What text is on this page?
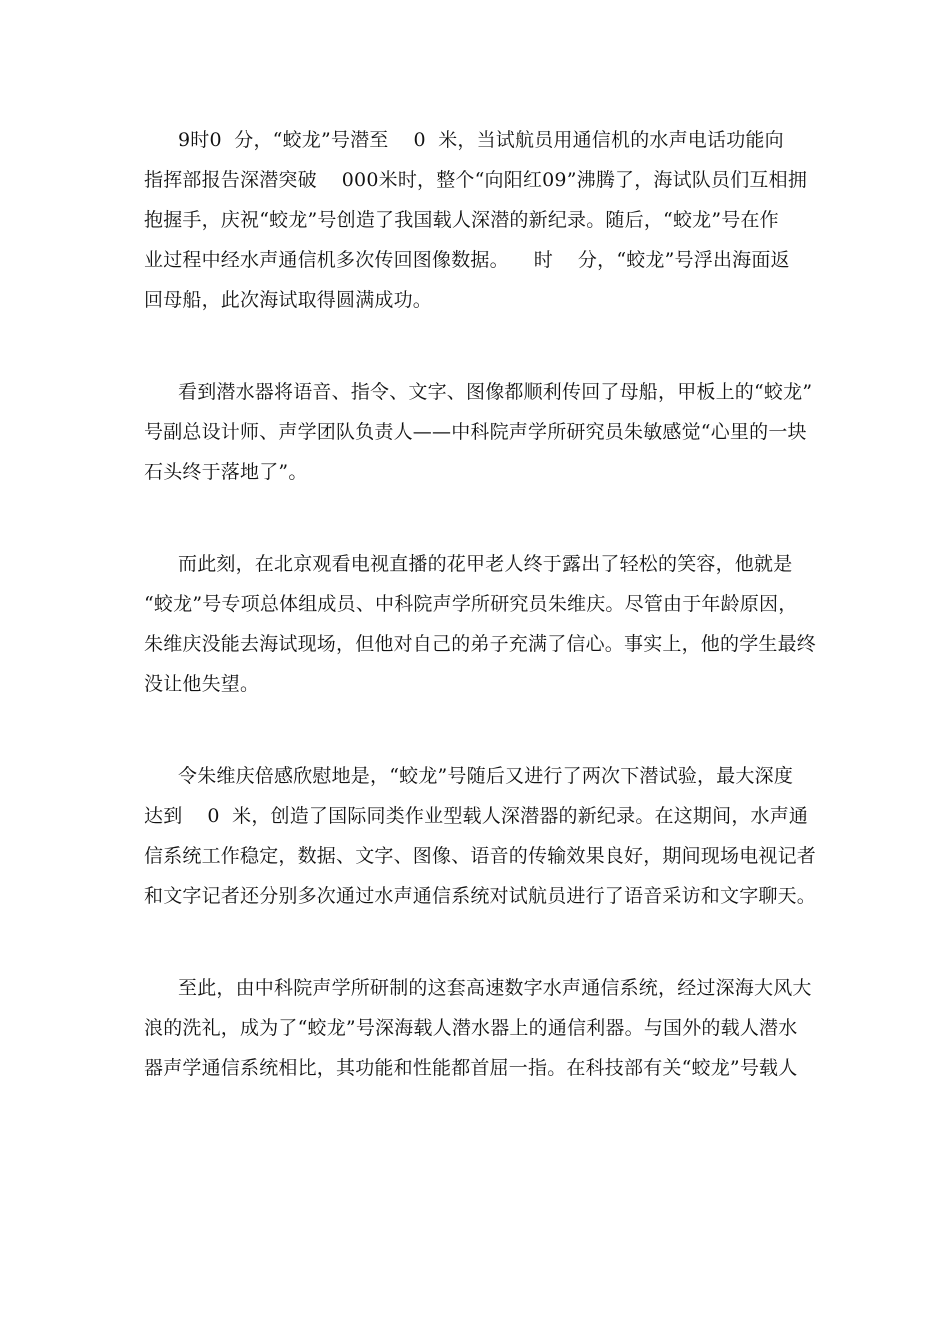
9时0  分，“蛟龙”号潜至    0  米，当试航员用通信机的水声电话功能向
指挥部报告深潜突破    000米时，整个“向阳红09”沸腾了，海试队员们互相拥
抱握手，庆祝“蛟龙”号创造了我国载人深潜的新纪录。随后，“蛟龙”号在作
业过程中经水声通信机多次传回图像数据。    时    分，“蛟龙”号浮出海面返
回母船，此次海试取得圆满成功。
看到潜水器将语音、指令、文字、图像都顺利传回了母船，甲板上的“蛟龙”
号副总设计师、声学团队负责人——中科院声学所研究员朱敏感觉“心里的一块
石头终于落地了”。
而此刻，在北京观看电视直播的花甲老人终于露出了轻松的笑容，他就是
“蛟龙”号专项总体组成员、中科院声学所研究员朱维庆。尽管由于年龄原因，
朱维庆没能去海试现场，但他对自己的弟子充满了信心。事实上，他的学生最终
没让他失望。
令朱维庆倍感欣慰地是，“蛟龙”号随后又进行了两次下潜试验，最大深度
达到    0  米，创造了国际同类作业型载人深潜器的新纪录。在这期间，水声通
信系统工作稳定，数据、文字、图像、语音的传输效果良好，期间现场电视记者
和文字记者还分别多次通过水声通信系统对试航员进行了语音采访和文字聊天。
至此，由中科院声学所研制的这套高速数字水声通信系统，经过深海大风大
浪的洗礼，成为了“蛟龙”号深海载人潜水器上的通信利器。与国外的载人潜水
器声学通信系统相比，其功能和性能都首屈一指。在科技部有关“蛟龙”号载人
